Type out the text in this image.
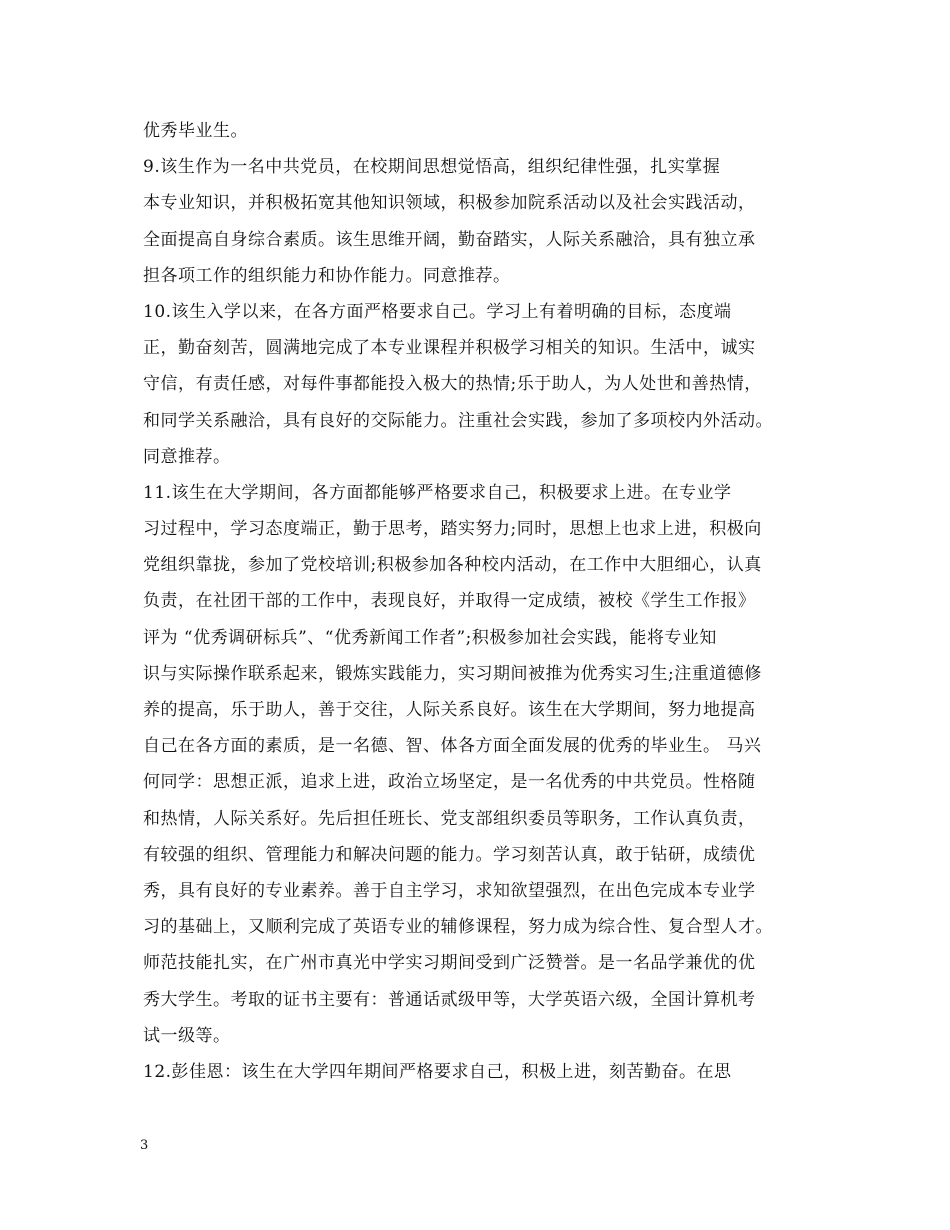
优秀毕业生。
9.该生作为一名中共党员，在校期间思想觉悟高，组织纪律性强，扎实掌握
本专业知识，并积极拓宽其他知识领域，积极参加院系活动以及社会实践活动，
全面提高自身综合素质。该生思维开阔，勤奋踏实，人际关系融洽，具有独立承
担各项工作的组织能力和协作能力。同意推荐。
10.该生入学以来，在各方面严格要求自己。学习上有着明确的目标，态度端
正，勤奋刻苦，圆满地完成了本专业课程并积极学习相关的知识。生活中，诚实
守信，有责任感，对每件事都能投入极大的热情;乐于助人，为人处世和善热情，
和同学关系融洽，具有良好的交际能力。注重社会实践，参加了多项校内外活动。
同意推荐。
11.该生在大学期间，各方面都能够严格要求自己，积极要求上进。在专业学
习过程中，学习态度端正，勤于思考，踏实努力;同时，思想上也求上进，积极向
党组织靠拢，参加了党校培训;积极参加各种校内活动，在工作中大胆细心，认真
负责，在社团干部的工作中，表现良好，并取得一定成绩，被校《学生工作报》
评为 “优秀调研标兵”、“优秀新闻工作者”;积极参加社会实践，能将专业知
识与实际操作联系起来，锻炼实践能力，实习期间被推为优秀实习生;注重道德修
养的提高，乐于助人，善于交往，人际关系良好。该生在大学期间，努力地提高
自己在各方面的素质，是一名德、智、体各方面全面发展的优秀的毕业生。 马兴
何同学：思想正派，追求上进，政治立场坚定，是一名优秀的中共党员。性格随
和热情，人际关系好。先后担任班长、党支部组织委员等职务，工作认真负责，
有较强的组织、管理能力和解决问题的能力。学习刻苦认真，敢于钻研，成绩优
秀，具有良好的专业素养。善于自主学习，求知欲望强烈，在出色完成本专业学
习的基础上，又顺利完成了英语专业的辅修课程，努力成为综合性、复合型人才。
师范技能扎实，在广州市真光中学实习期间受到广泛赞誉。是一名品学兼优的优
秀大学生。考取的证书主要有：普通话贰级甲等，大学英语六级，全国计算机考
试一级等。
12.彭佳恩：该生在大学四年期间严格要求自己，积极上进，刻苦勤奋。在思
3
